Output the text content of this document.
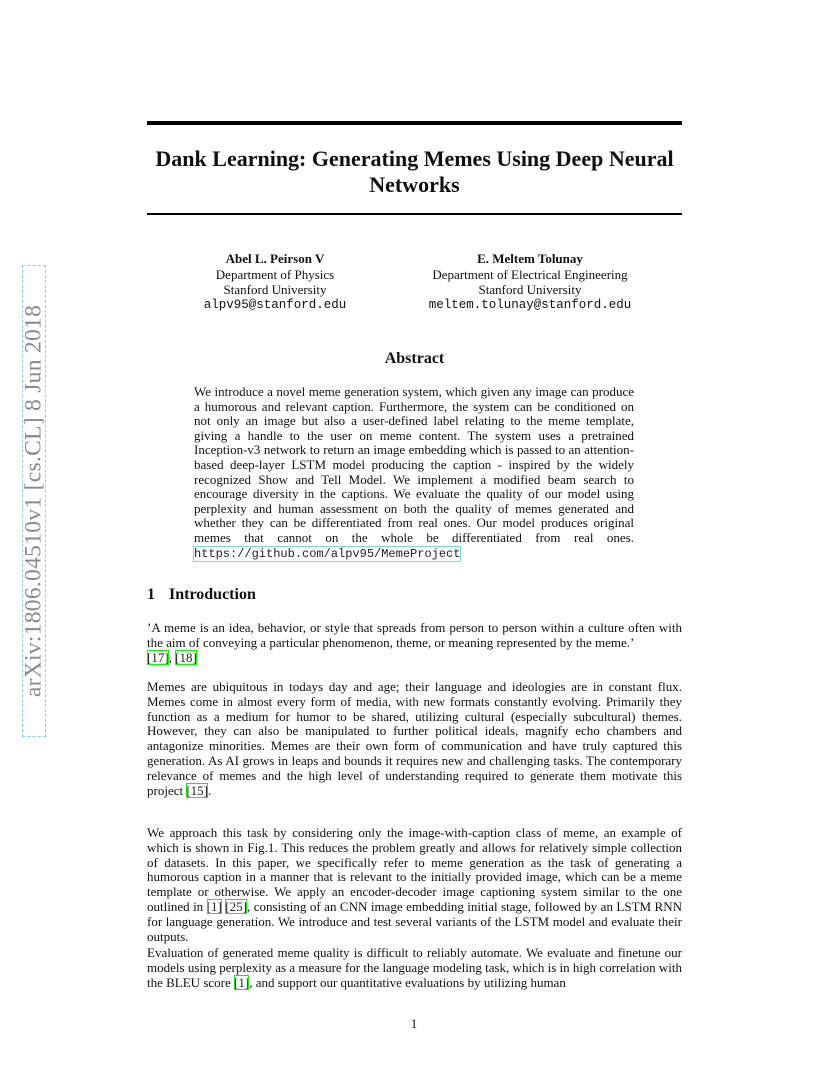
arXiv:1806.04510v1 [cs.CL] 8 Jun 2018
Dank Learning: Generating Memes Using Deep Neural Networks
Abel L. Peirson V
Department of Physics
Stanford University
alpv95@stanford.edu
E. Meltem Tolunay
Department of Electrical Engineering
Stanford University
meltem.tolunay@stanford.edu
Abstract
We introduce a novel meme generation system, which given any image can produce a humorous and relevant caption. Furthermore, the system can be conditioned on not only an image but also a user-defined label relating to the meme template, giving a handle to the user on meme content. The system uses a pretrained Inception-v3 network to return an image embedding which is passed to an attention-based deep-layer LSTM model producing the caption - inspired by the widely recognized Show and Tell Model. We implement a modified beam search to encourage diversity in the captions. We evaluate the quality of our model using perplexity and human assessment on both the quality of memes generated and whether they can be differentiated from real ones. Our model produces original memes that cannot on the whole be differentiated from real ones. https://github.com/alpv95/MemeProject
1 Introduction

’A meme is an idea, behavior, or style that spreads from person to person within a culture often with the aim of conveying a particular phenomenon, theme, or meaning represented by the meme.’
[17], [18]

Memes are ubiquitous in todays day and age; their language and ideologies are in constant flux. Memes come in almost every form of media, with new formats constantly evolving. Primarily they function as a medium for humor to be shared, utilizing cultural (especially subcultural) themes. However, they can also be manipulated to further political ideals, magnify echo chambers and antagonize minorities. Memes are their own form of communication and have truly captured this generation. As AI grows in leaps and bounds it requires new and challenging tasks. The contemporary relevance of memes and the high level of understanding required to generate them motivate this project [15].

We approach this task by considering only the image-with-caption class of meme, an example of which is shown in Fig.1. This reduces the problem greatly and allows for relatively simple collection of datasets. In this paper, we specifically refer to meme generation as the task of generating a humorous caption in a manner that is relevant to the initially provided image, which can be a meme template or otherwise. We apply an encoder-decoder image captioning system similar to the one outlined in [1] [25], consisting of an CNN image embedding initial stage, followed by an LSTM RNN for language generation. We introduce and test several variants of the LSTM model and evaluate their outputs.

Evaluation of generated meme quality is difficult to reliably automate. We evaluate and finetune our models using perplexity as a measure for the language modeling task, which is in high correlation with the BLEU score [1], and support our quantitative evaluations by utilizing human

1
